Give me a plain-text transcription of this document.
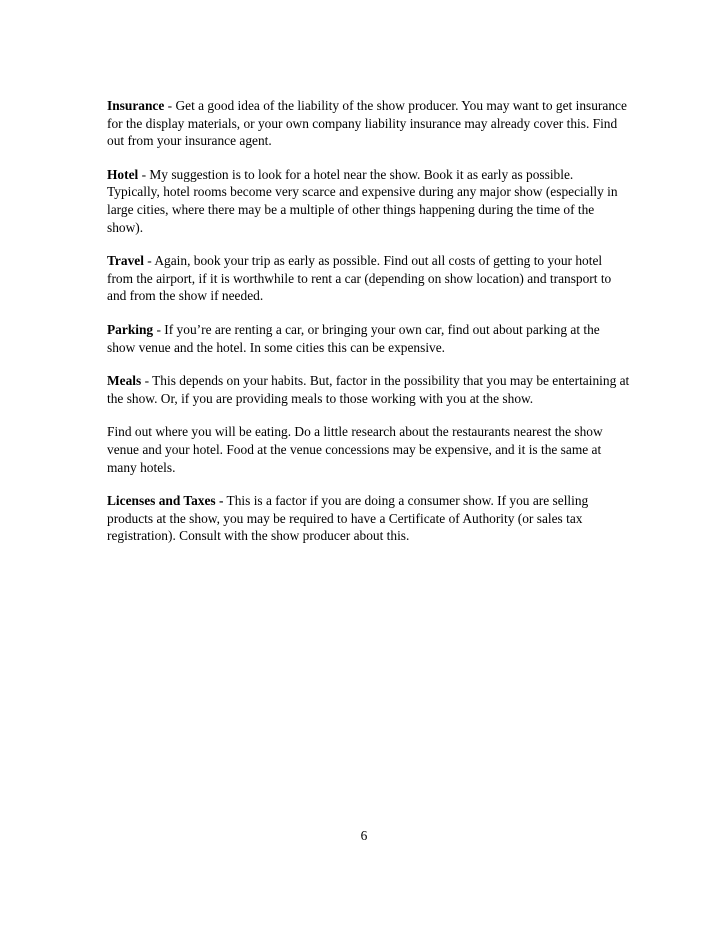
Insurance - Get a good idea of the liability of the show producer. You may want to get insurance
for the display materials, or your own company liability insurance may already cover this. Find
out from your insurance agent.

Hotel - My suggestion is to look for a hotel near the show. Book it as early as possible.
Typically, hotel rooms become very scarce and expensive during any major show (especially in
large cities, where there may be a multiple of other things happening during the time of the
show).

Travel - Again, book your trip as early as possible. Find out all costs of getting to your hotel
from the airport, if it is worthwhile to rent a car (depending on show location) and transport to
and from the show if needed.

Parking - If you’re are renting a car, or bringing your own car, find out about parking at the
show venue and the hotel. In some cities this can be expensive.

Meals - This depends on your habits. But, factor in the possibility that you may be entertaining at
the show. Or, if you are providing meals to those working with you at the show.

Find out where you will be eating. Do a little research about the restaurants nearest the show
venue and your hotel. Food at the venue concessions may be expensive, and it is the same at
many hotels.

Licenses and Taxes - This is a factor if you are doing a consumer show. If you are selling
products at the show, you may be required to have a Certificate of Authority (or sales tax
registration). Consult with the show producer about this.

6
